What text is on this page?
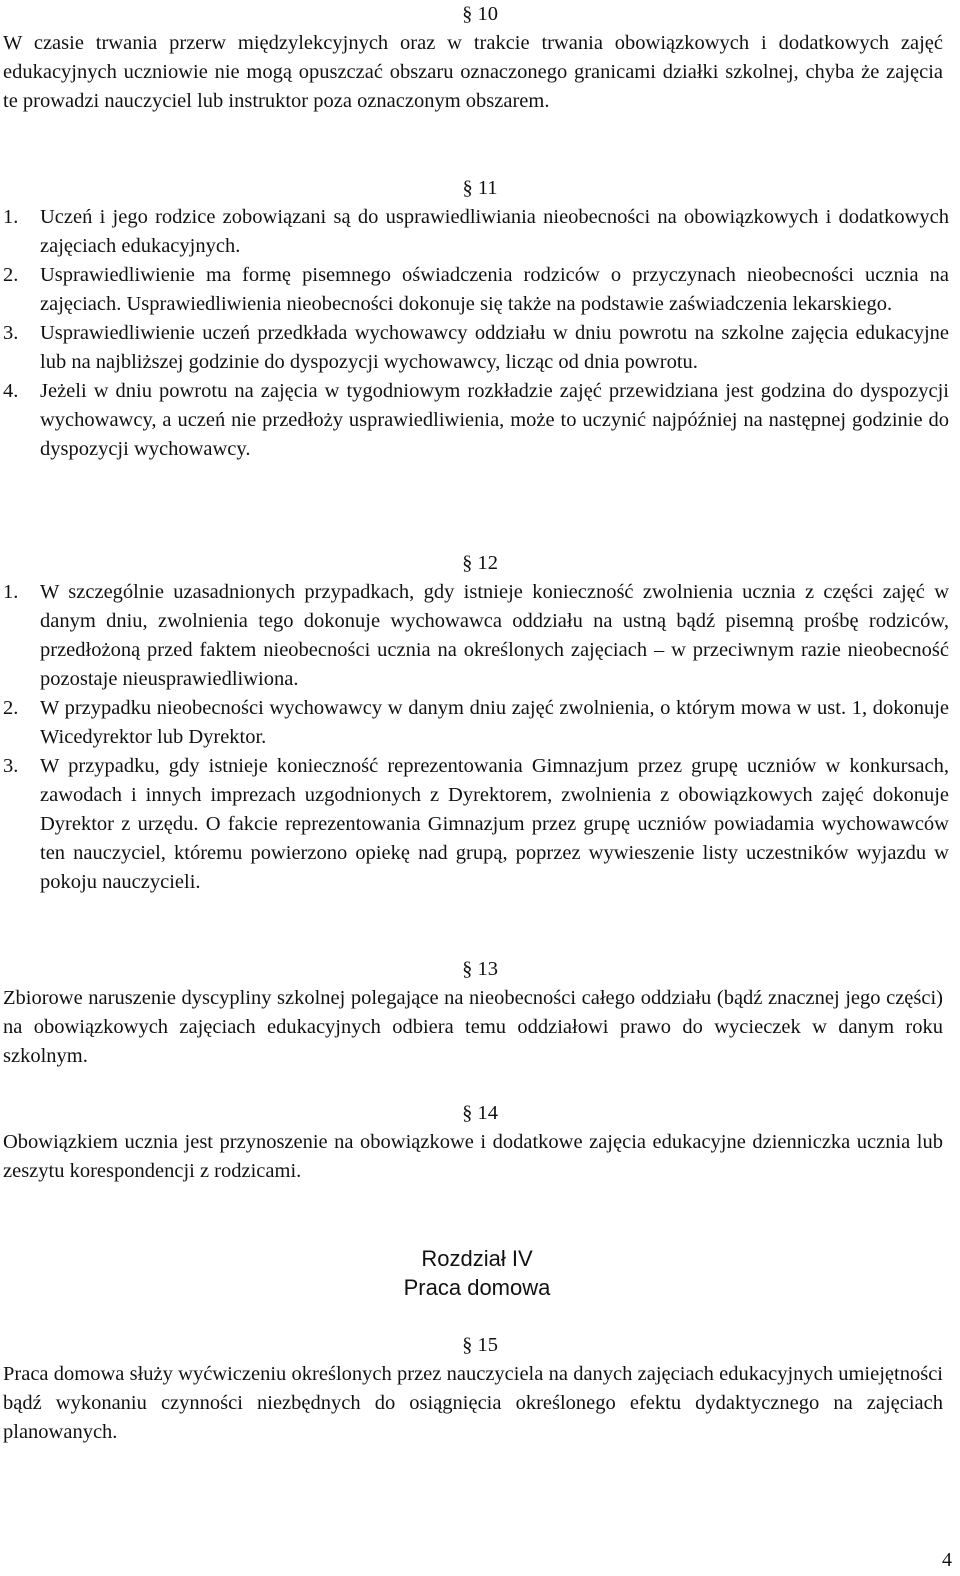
§ 10

W czasie trwania przerw międzylekcyjnych oraz w trakcie trwania obowiązkowych i dodatkowych zajęć edukacyjnych uczniowie nie mogą opuszczać obszaru oznaczonego granicami działki szkolnej, chyba że zajęcia te prowadzi nauczyciel lub instruktor poza oznaczonym obszarem.

§ 11
1. Uczeń i jego rodzice zobowiązani są do usprawiedliwiania nieobecności na obowiązkowych i dodatkowych zajęciach edukacyjnych.
2. Usprawiedliwienie ma formę pisemnego oświadczenia rodziców o przyczynach nieobecności ucznia na zajęciach. Usprawiedliwienia nieobecności dokonuje się także na podstawie zaświadczenia lekarskiego.
3. Usprawiedliwienie uczeń przedkłada wychowawcy oddziału w dniu powrotu na szkolne zajęcia edukacyjne lub na najbliższej godzinie do dyspozycji wychowawcy, licząc od dnia powrotu.
4. Jeżeli w dniu powrotu na zajęcia w tygodniowym rozkładzie zajęć przewidziana jest godzina do dyspozycji wychowawcy, a uczeń nie przedłoży usprawiedliwienia, może to uczynić najpóźniej na następnej godzinie do dyspozycji wychowawcy.
§ 12
1. W szczególnie uzasadnionych przypadkach, gdy istnieje konieczność zwolnienia ucznia z części zajęć w danym dniu, zwolnienia tego dokonuje wychowawca oddziału na ustną bądź pisemną prośbę rodziców, przedłożoną przed faktem nieobecności ucznia na określonych zajęciach – w przeciwnym razie nieobecność pozostaje nieusprawiedliwiona.
2. W przypadku nieobecności wychowawcy w danym dniu zajęć zwolnienia, o którym mowa w ust. 1, dokonuje Wicedyrektor lub Dyrektor.
3. W przypadku, gdy istnieje konieczność reprezentowania Gimnazjum przez grupę uczniów w konkursach, zawodach i innych imprezach uzgodnionych z Dyrektorem, zwolnienia z obowiązkowych zajęć dokonuje Dyrektor z urzędu. O fakcie reprezentowania Gimnazjum przez grupę uczniów powiadamia wychowawców ten nauczyciel, któremu powierzono opiekę nad grupą, poprzez wywieszenie listy uczestników wyjazdu w pokoju nauczycieli.
§ 13

Zbiorowe naruszenie dyscypliny szkolnej polegające na nieobecności całego oddziału (bądź znacznej jego części) na obowiązkowych zajęciach edukacyjnych odbiera temu oddziałowi prawo do wycieczek w danym roku szkolnym.

§ 14

Obowiązkiem ucznia jest przynoszenie na obowiązkowe i dodatkowe zajęcia edukacyjne dzienniczka ucznia lub zeszytu korespondencji z rodzicami.

Rozdział IV
Praca domowa
§ 15

Praca domowa służy wyćwiczeniu określonych przez nauczyciela na danych zajęciach edukacyjnych umiejętności bądź wykonaniu czynności niezbędnych do osiągnięcia określonego efektu dydaktycznego na zajęciach planowanych.

4
